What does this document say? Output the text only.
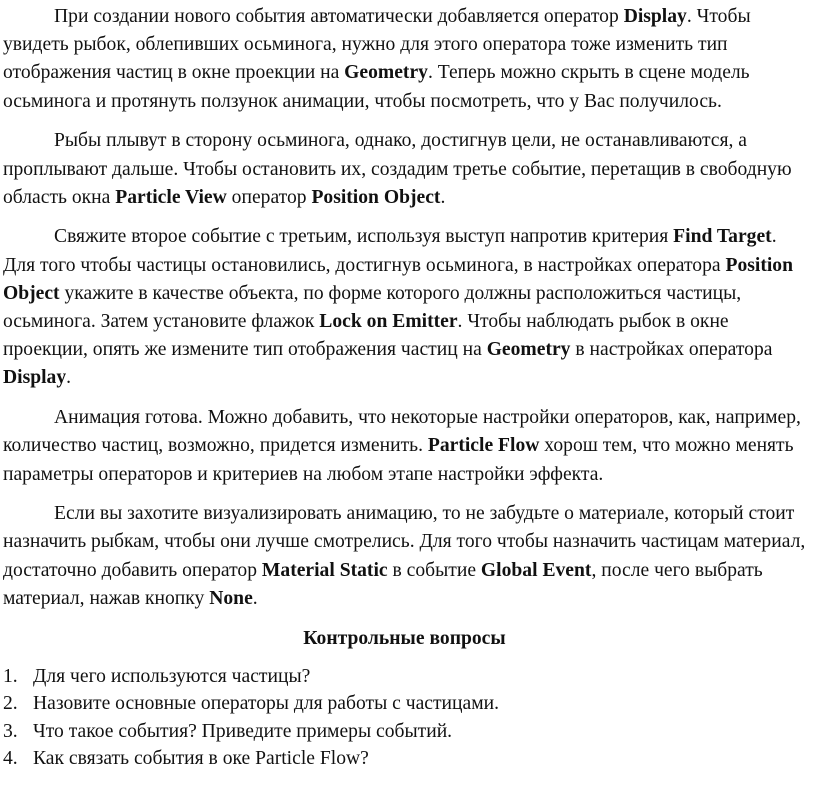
При создании нового события автоматически добавляется оператор Display. Чтобы увидеть рыбок, облепивших осьминога, нужно для этого оператора тоже изменить тип отображения частиц в окне проекции на Geometry. Теперь можно скрыть в сцене модель осьминога и протянуть ползунок анимации, чтобы посмотреть, что у Вас получилось.

Рыбы плывут в сторону осьминога, однако, достигнув цели, не останавливаются, а проплывают дальше. Чтобы остановить их, создадим третье событие, перетащив в свободную область окна Particle View оператор Position Object.

Свяжите второе событие с третьим, используя выступ напротив критерия Find Target. Для того чтобы частицы остановились, достигнув осьминога, в настройках оператора Position Object укажите в качестве объекта, по форме которого должны расположиться частицы, осьминога. Затем установите флажок Lock on Emitter. Чтобы наблюдать рыбок в окне проекции, опять же измените тип отображения частиц на Geometry в настройках оператора Display.

Анимация готова. Можно добавить, что некоторые настройки операторов, как, например, количество частиц, возможно, придется изменить. Particle Flow хорош тем, что можно менять параметры операторов и критериев на любом этапе настройки эффекта.

Если вы захотите визуализировать анимацию, то не забудьте о материале, который стоит назначить рыбкам, чтобы они лучше смотрелись. Для того чтобы назначить частицам материал, достаточно добавить оператор Material Static в событие Global Event, после чего выбрать материал, нажав кнопку None.

Контрольные вопросы
1. Для чего используются частицы?
2. Назовите основные операторы для работы с частицами.
3. Что такое события? Приведите примеры событий.
4. Как связать события в оке Particle Flow?
